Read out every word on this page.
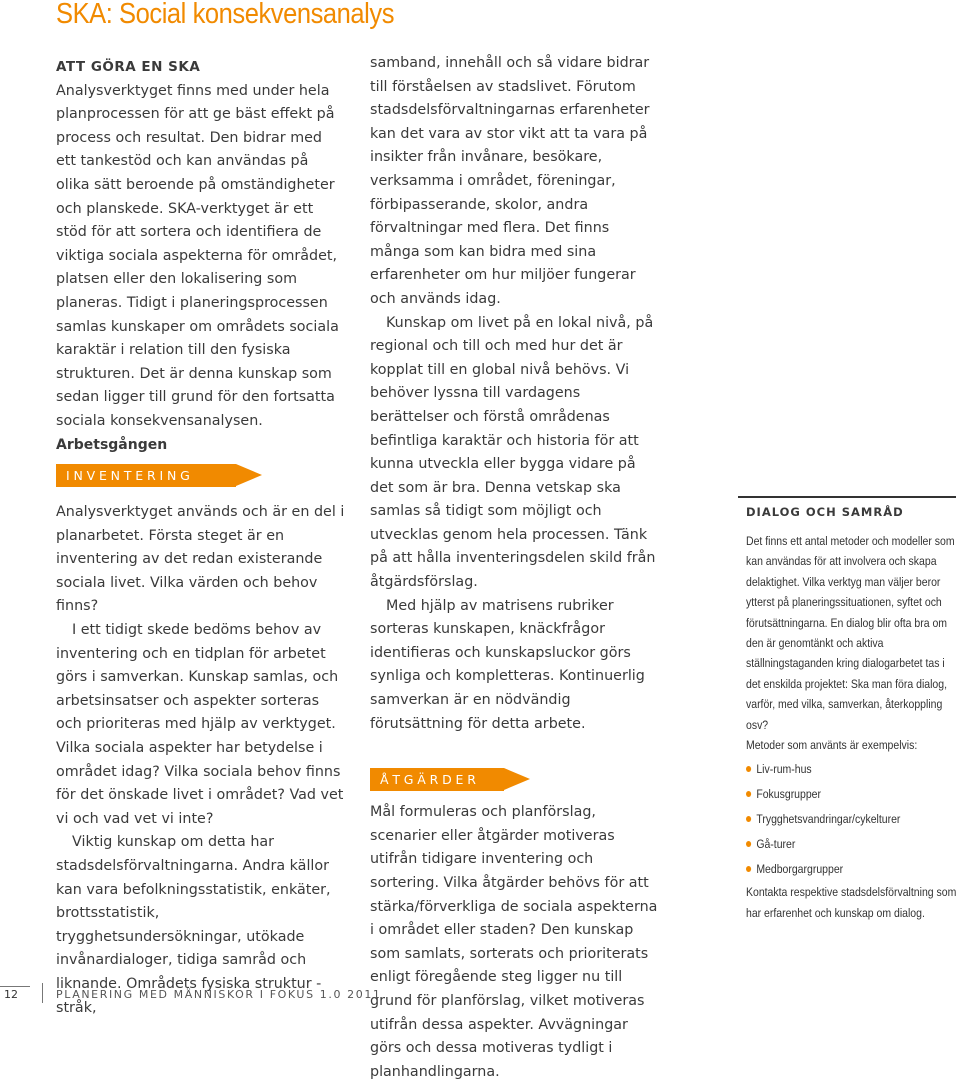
SKA: Social konsekvensanalys

ATT GÖRA EN SKA

Analysverktyget finns med under hela planprocessen för att ge bäst effekt på process och resultat. Den bidrar med ett tankestöd och kan användas på olika sätt beroende på omständigheter och planskede. SKA-verktyget är ett stöd för att sortera och identifiera de viktiga sociala aspekterna för området, platsen eller den lokalisering som planeras. Tidigt i planeringsprocessen samlas kunskaper om områdets sociala karaktär i relation till den fysiska strukturen. Det är denna kunskap som sedan ligger till grund för den fortsatta sociala konsekvensanalysen.

Arbetsgången

INVENTERING

Analysverktyget används och är en del i planarbetet. Första steget är en inventering av det redan existerande sociala livet. Vilka värden och behov finns?

I ett tidigt skede bedöms behov av inventering och en tidplan för arbetet görs i samverkan. Kunskap samlas, och arbetsinsatser och aspekter sorteras och prioriteras med hjälp av verktyget. Vilka sociala aspekter har betydelse i området idag? Vilka sociala behov finns för det önskade livet i området? Vad vet vi och vad vet vi inte?

Viktig kunskap om detta har stadsdelsförvaltningarna. Andra källor kan vara befolkningsstatistik, enkäter, brottsstatistik, trygghetsundersökningar, utökade invånardialoger, tidiga samråd och liknande. Områdets fysiska struktur - stråk,

samband, innehåll och så vidare bidrar till förståelsen av stadslivet. Förutom stadsdelsförvaltningarnas erfarenheter kan det vara av stor vikt att ta vara på insikter från invånare, besökare, verksamma i området, föreningar, förbipasserande, skolor, andra förvaltningar med flera. Det finns många som kan bidra med sina erfarenheter om hur miljöer fungerar och används idag.

Kunskap om livet på en lokal nivå, på regional och till och med hur det är kopplat till en global nivå behövs. Vi behöver lyssna till vardagens berättelser och förstå områdenas befintliga karaktär och historia för att kunna utveckla eller bygga vidare på det som är bra. Denna vetskap ska samlas så tidigt som möjligt och utvecklas genom hela processen. Tänk på att hålla inventeringsdelen skild från åtgärdsförslag.

Med hjälp av matrisens rubriker sorteras kunskapen, knäckfrågor identifieras och kunskapsluckor görs synliga och kompletteras. Kontinuerlig samverkan är en nödvändig förutsättning för detta arbete.

ÅTGÄRDER

Mål formuleras och planförslag, scenarier eller åtgärder motiveras utifrån tidigare inventering och sortering. Vilka åtgärder behövs för att stärka/förverkliga de sociala aspekterna i området eller staden? Den kunskap som samlats, sorterats och prioriterats enligt föregående steg ligger nu till grund för planförslag, vilket motiveras utifrån dessa aspekter. Avvägningar görs och dessa motiveras tydligt i planhandlingarna.

DIALOG OCH SAMRÅD

Det finns ett antal metoder och modeller som kan användas för att involvera och skapa delaktighet. Vilka verktyg man väljer beror ytterst på planeringssituationen, syftet och förutsättningarna. En dialog blir ofta bra om den är genomtänkt och aktiva ställningstaganden kring dialogarbetet tas i det enskilda projektet: Ska man föra dialog, varför, med vilka, samverkan, återkoppling osv?

Metoder som använts är exempelvis:

Liv-rum-hus
Fokusgrupper
Trygghetsvandringar/cykelturer
Gå-turer
Medborgargrupper

Kontakta respektive stadsdelsförvaltning som har erfarenhet och kunskap om dialog.

12	PLANERING MED MÄNNISKOR I FOKUS 1.0 2011
